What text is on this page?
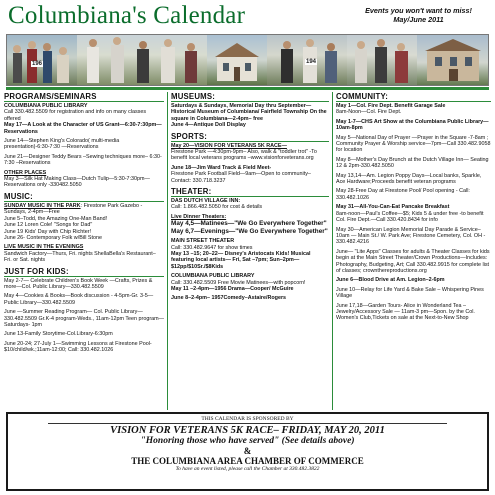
Columbiana's Calendar	Events you won't want to miss!
May/June 2011
196	194
PROGRAMS/SEMINARS
COLUMBIANA PUBLIC LIBRARY
Call 330.482.5509 for registration and info on many classes offered
May 17—A Look at the Character of US Grant—6:30-7:30pm—Reservations
June 14—Stephen King's Colorado( multi-media presentation)-6:30-7:30 —Reservations
June 21—Designer Teddy Bears –Sewing techniques more– 6:30-7:30 –Reservations
OTHER PLACES
May 3—Silk Hat Making Class—Dutch Tulip—5:30-7:30pm—Reservations only -330482.5050
MUSIC:
SUNDAY MUSIC IN THE PARK: Firestone Park Gazebo - Sundays, 2-4pm—Free
June 5–Todd, the Amazing One-Man Band!
June 12 Loren Cole! "Songs for Dad"
June 19 Kids' Day with Chip Richter!
June 26- Contemporary Folk w/Bill Stone
LIVE MUSIC IN THE EVENINGS
Sandwich Factory—Thurs, Fri. nights ShellaBella's Restaurant– Fri. or Sat. nights
JUST FOR KIDS:
May 2-7— Celebrate Children's Book Week —Crafts, Prizes & more—Col. Public Library—330.482.5509
May 4—Cookies & Books—Book discussion - 4-5pm-Gr. 3-5— Public Library—330.482.5509
June —Summer Reading Program— Col. Public Library—330.482.5509 Gr.K-4 program-Weds., 11am-12pm Teen program—Saturdays- 1pm
June 13-Family Storytime-Col.Library-6:30pm
June 20-24; 27-July 1—Swimming Lessons at Firestone Pool- $10/child/wk.;11am-12:00; Call: 330.482.1026
MUSEUMS:
Saturdays & Sundays, Memorial Day thru September—Historical Museum of Columbiana/ Fairfield Township On the square in Columbiana—2-4pm– free
June 4—Antique Doll Display
SPORTS:
May 20—VISION FOR VETERANS 5K RACE—
Firestone Park —4:30pm-9pm– Also, walk & "toddler trot" -To benefit local veterans programs –www.visionforveterans.org
June 18—Jim Ward Track & Field Meet-
Firestone Park Football Field—9am—Open to community– Contact: 330.718.3237
THEATER:
DAS DUTCH VILLAGE INN:
Call: 1.866.482.5050 for cost & details
Live Dinner Theaters:
May 4,5—Matinees—"We Go Everywhere Together"
May 6,7—Evenings—"We Go Everywhere Together"
MAIN STREET THEATER
Call: 330.482.9647 for show times
May 13 –15; 20–22— Disney's Aristocats Kids! Musical featuring local artists— Fri, Sat –7pm; Sun–2pm— $12pp/$10Sr./$8Kids
COLUMBIANA PUBLIC LIBRARY
Call: 330.482.5509 Free Movie Matinees—with popcorn!
May 11 –2-4pm—1956 Drama—Cooper/ McGuire
June 8–2-4pm– 1957Comedy–Astaire/Rogers
COMMUNITY:
May 1—Col. Fire Dept. Benefit Garage Sale
8am-Noon—Col. Fire Dept.
May 1-7—CHS Art Show at the Columbiana Public Library—10am-8pm
May 5—National Day of Prayer —Prayer in the Square -7-8am ; Community Prayer & Worship service—7pm—Call 330.482.9058 for location
May 8—Mother's Day Brunch at the Dutch Village Inn— Seating 12 & 2pm-330.482.5050
May 13,14—Am. Legion Poppy Days—Local banks, Sparkle, Ace Hardware;Proceeds benefit veteran programs
May 28-Free Day at Firestone Pool/ Pool opening - Call: 330.482.1026
May 31—All-You-Can-Eat Pancake Breakfast
8am-noon—Paul's Coffee—$5; Kids 5 & under free -to benefit Col. Fire Dept.—Call 330.420.8434 for info
May 30—American Legion Memorial Day Parade & Service– 10am — Main St./ W. Park Ave; Firestone Cemetery, Col. OH - 330.482.4216
June— "Lite Apps" Classes for adults & Theater Classes for kids begin at the Main Street Theater/Crown Productions—Includes: Photography, Budgeting, Art; Call 330.482.9915 for complete list of classes; crownthereproductions.org
June 6—Blood Drive at Am. Legion–2-6pm
June 10—Relay for Life Yard & Bake Sale – Whispering Pines Village
June 17,18—Garden Tours- Alice in Wonderland Tea – Jewelry/Accessory Sale — 11am-3 pm—Spon. by the Col. Women's Club,Tickets on sale at the Next-to-New Shop
THIS CALENDAR IS SPONSORED BY
VISION FOR VETERANS 5K RACE– FRIDAY, MAY 20, 2011
"Honoring those who have served" (See details above)
&
THE COLUMBIANA AREA CHAMBER OF COMMERCE
To have an event listed, please call the Chamber at 330.482.3822
